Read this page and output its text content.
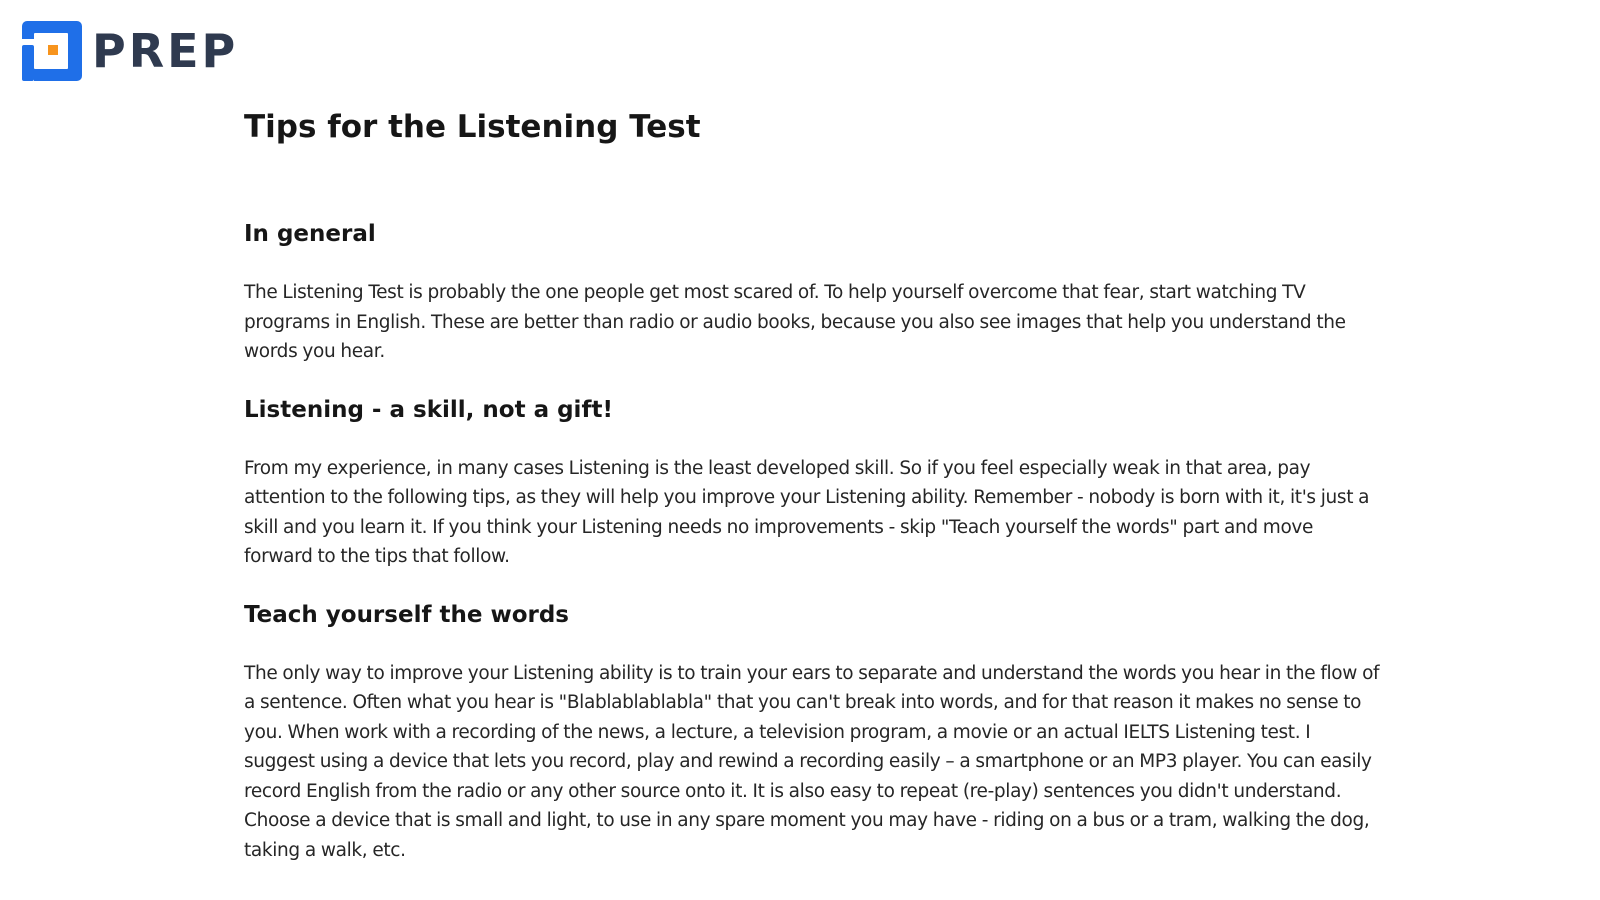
PREP
Tips for the Listening Test
In general

The Listening Test is probably the one people get most scared of. To help yourself overcome that fear, start watching TV programs in English. These are better than radio or audio books, because you also see images that help you understand the words you hear.

Listening - a skill, not a gift!

From my experience, in many cases Listening is the least developed skill. So if you feel especially weak in that area, pay attention to the following tips, as they will help you improve your Listening ability. Remember - nobody is born with it, it's just a skill and you learn it. If you think your Listening needs no improvements - skip "Teach yourself the words" part and move forward to the tips that follow.

Teach yourself the words

The only way to improve your Listening ability is to train your ears to separate and understand the words you hear in the flow of a sentence. Often what you hear is "Blablablablabla" that you can't break into words, and for that reason it makes no sense to you. When work with a recording of the news, a lecture, a television program, a movie or an actual IELTS Listening test. I suggest using a device that lets you record, play and rewind a recording easily – a smartphone or an MP3 player. You can easily record English from the radio or any other source onto it. It is also easy to repeat (re-play) sentences you didn't understand. Choose a device that is small and light, to use in any spare moment you may have - riding on a bus or a tram, walking the dog, taking a walk, etc.
